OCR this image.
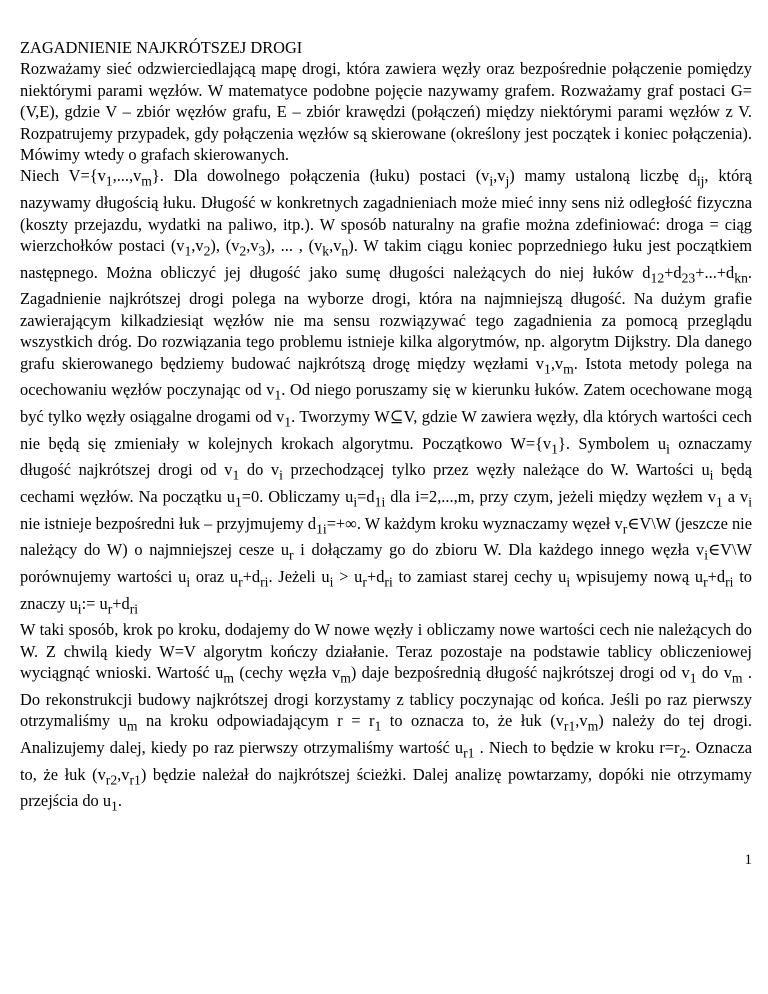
ZAGADNIENIE NAJKRÓTSZEJ DROGI
Rozważamy sieć odzwierciedlającą mapę drogi, która zawiera węzły oraz bezpośrednie połączenie pomiędzy niektórymi parami węzłów. W matematyce podobne pojęcie nazywamy grafem. Rozważamy graf postaci G=(V,E), gdzie V – zbiór węzłów grafu, E – zbiór krawędzi (połączeń) między niektórymi parami węzłów z V. Rozpatrujemy przypadek, gdy połączenia węzłów są skierowane (określony jest początek i koniec połączenia). Mówimy wtedy o grafach skierowanych.
Niech $V=\{v_1,...,v_m\}$. Dla dowolnego połączenia (łuku) postaci $(v_i,v_j)$ mamy ustaloną liczbę $d_{ij}$, którą nazywamy długością łuku. Długość w konkretnych zagadnieniach może mieć inny sens niż odległość fizyczna (koszty przejazdu, wydatki na paliwo, itp.). W sposób naturalny na grafie można zdefiniować: droga = ciąg wierzchołków postaci $(v_1,v_2)$, $(v_2,v_3)$, ... , $(v_k,v_n)$. W takim ciągu koniec poprzedniego łuku jest początkiem następnego. Można obliczyć jej długość jako sumę długości należących do niej łuków $d_{12}+d_{23}+...+d_{kn}$. Zagadnienie najkrótszej drogi polega na wyborze drogi, która na najmniejszą długość. Na dużym grafie zawierającym kilkadziesiąt węzłów nie ma sensu rozwiązywać tego zagadnienia za pomocą przeglądu wszystkich dróg. Do rozwiązania tego problemu istnieje kilka algorytmów, np. algorytm Dijkstry. Dla danego grafu skierowanego będziemy budować najkrótszą drogę między węzłami $v_1,v_m$. Istota metody polega na ocechowaniu węzłów poczynając od $v_1$. Od niego poruszamy się w kierunku łuków. Zatem ocechowane mogą być tylko węzły osiągalne drogami od $v_1$. Tworzymy W⊆V, gdzie W zawiera węzły, dla których wartości cech nie będą się zmieniały w kolejnych krokach algorytmu. Początkowo $W=\{v_1\}$. Symbolem $u_i$ oznaczamy długość najkrótszej drogi od $v_1$ do $v_i$ przechodzącej tylko przez węzły należące do W. Wartości $u_i$ będą cechami węzłów. Na początku $u_1=0$. Obliczamy $u_i=d_{1i}$ dla i=2,...,m, przy czym, jeżeli między węzłem $v_1$ a $v_i$ nie istnieje bezpośredni łuk – przyjmujemy $d_{1i}=+\infty$. W każdym kroku wyznaczamy węzeł $v_r\in V\backslash W$ (jeszcze nie należący do W) o najmniejszej cesze $u_r$ i dołączamy go do zbioru W. Dla każdego innego węzła $v_i\in V\backslash W$ porównujemy wartości $u_i$ oraz $u_r+d_{ri}$. Jeżeli $u_i > u_r+d_{ri}$ to zamiast starej cechy $u_i$ wpisujemy nową $u_r+d_{ri}$ to znaczy $u_i:= u_r+d_{ri}$
W taki sposób, krok po kroku, dodajemy do W nowe węzły i obliczamy nowe wartości cech nie należących do W. Z chwilą kiedy W=V algorytm kończy działanie. Teraz pozostaje na podstawie tablicy obliczeniowej wyciągnąć wnioski. Wartość $u_m$ (cechy węzła $v_m$) daje bezpośrednią długość najkrótszej drogi od $v_1$ do $v_m$ . Do rekonstrukcji budowy najkrótszej drogi korzystamy z tablicy poczynając od końca. Jeśli po raz pierwszy otrzymaliśmy $u_m$ na kroku odpowiadającym $r = r_1$ to oznacza to, że łuk $(v_{r1},v_m)$ należy do tej drogi. Analizujemy dalej, kiedy po raz pierwszy otrzymaliśmy wartość $u_{r1}$ . Niech to będzie w kroku $r=r_2$. Oznacza to, że łuk $(v_{r2},v_{r1})$ będzie należał do najkrótszej ścieżki. Dalej analizę powtarzamy, dopóki nie otrzymamy przejścia do $u_1$.
1
